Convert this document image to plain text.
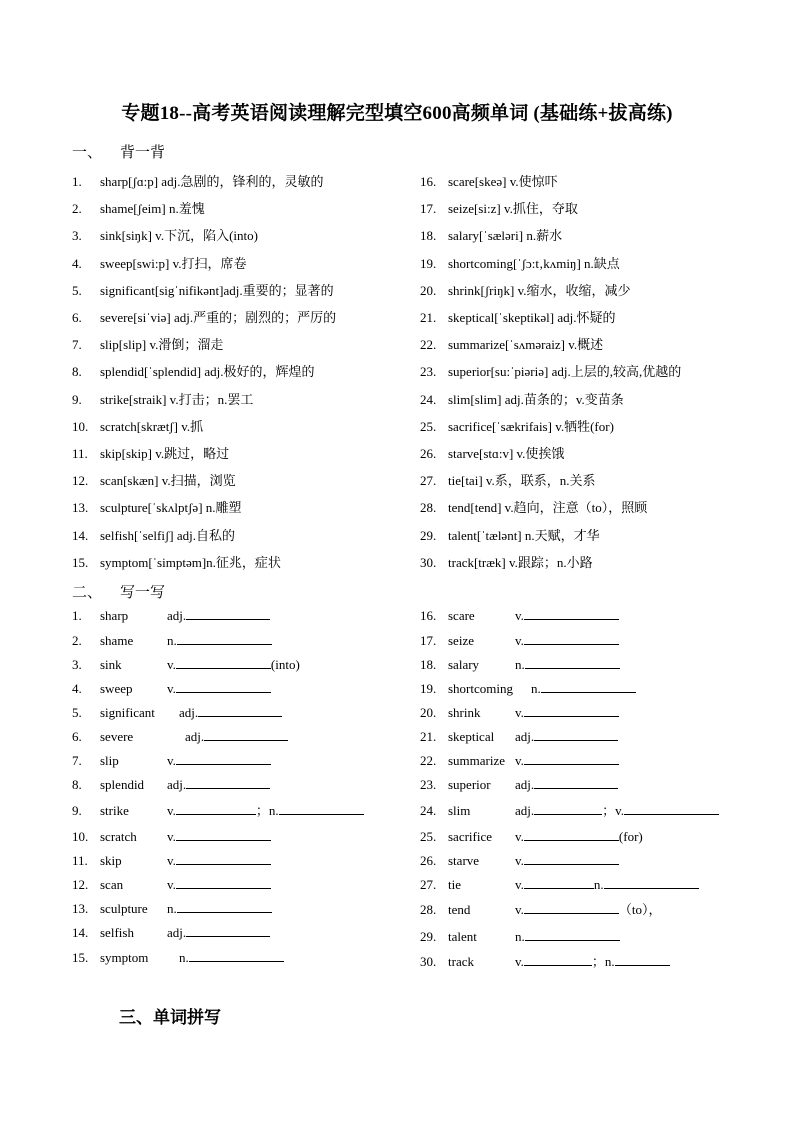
专题18--高考英语阅读理解完型填空600高频单词 (基础练+拔高练)
一、 背一背
1. sharp[ʃɑ:p] adj.急剧的，锋利的，灵敏的
2. shame[ʃeim] n.羞愧
3. sink[siŋk] v.下沉，陷入(into)
4. sweep[swi:p] v.打扫，席卷
5. significant[sigˈnifikənt]adj.重要的；显著的
6. severe[siˈviə] adj.严重的；剧烈的；严厉的
7. slip[slip] v.滑倒；溜走
8. splendid[ˈsplendid] adj.极好的，辉煌的
9. strike[straik] v.打击；n.罢工
10. scratch[skrætʃ] v.抓
11. skip[skip] v.跳过，略过
12. scan[skæn] v.扫描，浏览
13. sculpture[ˈskʌlptʃə] n.雕塑
14. selfish[ˈselfiʃ] adj.自私的
15. symptom[ˈsimptəm]n.征兆，症状
16. scare[skeə] v.使惊吓
17. seize[si:z] v.抓住，夺取
18. salary[ˈsæləri] n.薪水
19. shortcoming[ˈʃɔ:t‚kʌmiŋ] n.缺点
20. shrink[ʃriŋk] v.缩水，收缩，减少
21. skeptical[ˈskeptikəl] adj.怀疑的
22. summarize[ˈsʌməraiz] v.概述
23. superior[su:ˈpiəriə] adj.上层的,较高,优越的
24. slim[slim] adj.苗条的；v.变苗条
25. sacrifice[ˈsækrifais] v.牺牲(for)
26. starve[stɑ:v] v.使挨饿
27. tie[tai] v.系，联系，n.关系
28. tend[tend] v.趋向，注意（to），照顾
29. talent[ˈtælənt] n.天赋，才华
30. track[træk] v.跟踪；n.小路
二、 写一写
1. sharp	adj.
2. shame	n.
3. sink	v.	(into)
4. sweep	v.
5. significant adj.
6. severe	adj.
7. slip	v.
8. splendid adj.
9. strike	v.	；n.
10. scratch v.
11. skip	v.
12. scan	v.
13. sculpture n.
14. selfish	adj.
15. symptom n.
16. scare	v.
17. seize	v.
18. salary	n.
19. shortcoming n.
20. shrink	v.
21. skeptical adj.
22. summarize v.
23. superior adj.
24. slim	adj.	；v.
25. sacrifice v.	(for)
26. starve	v.
27. tie	v.	n.
28. tend	v.	（to），
29. talent	n.
30. track	v.	；n.
三、单词拼写
